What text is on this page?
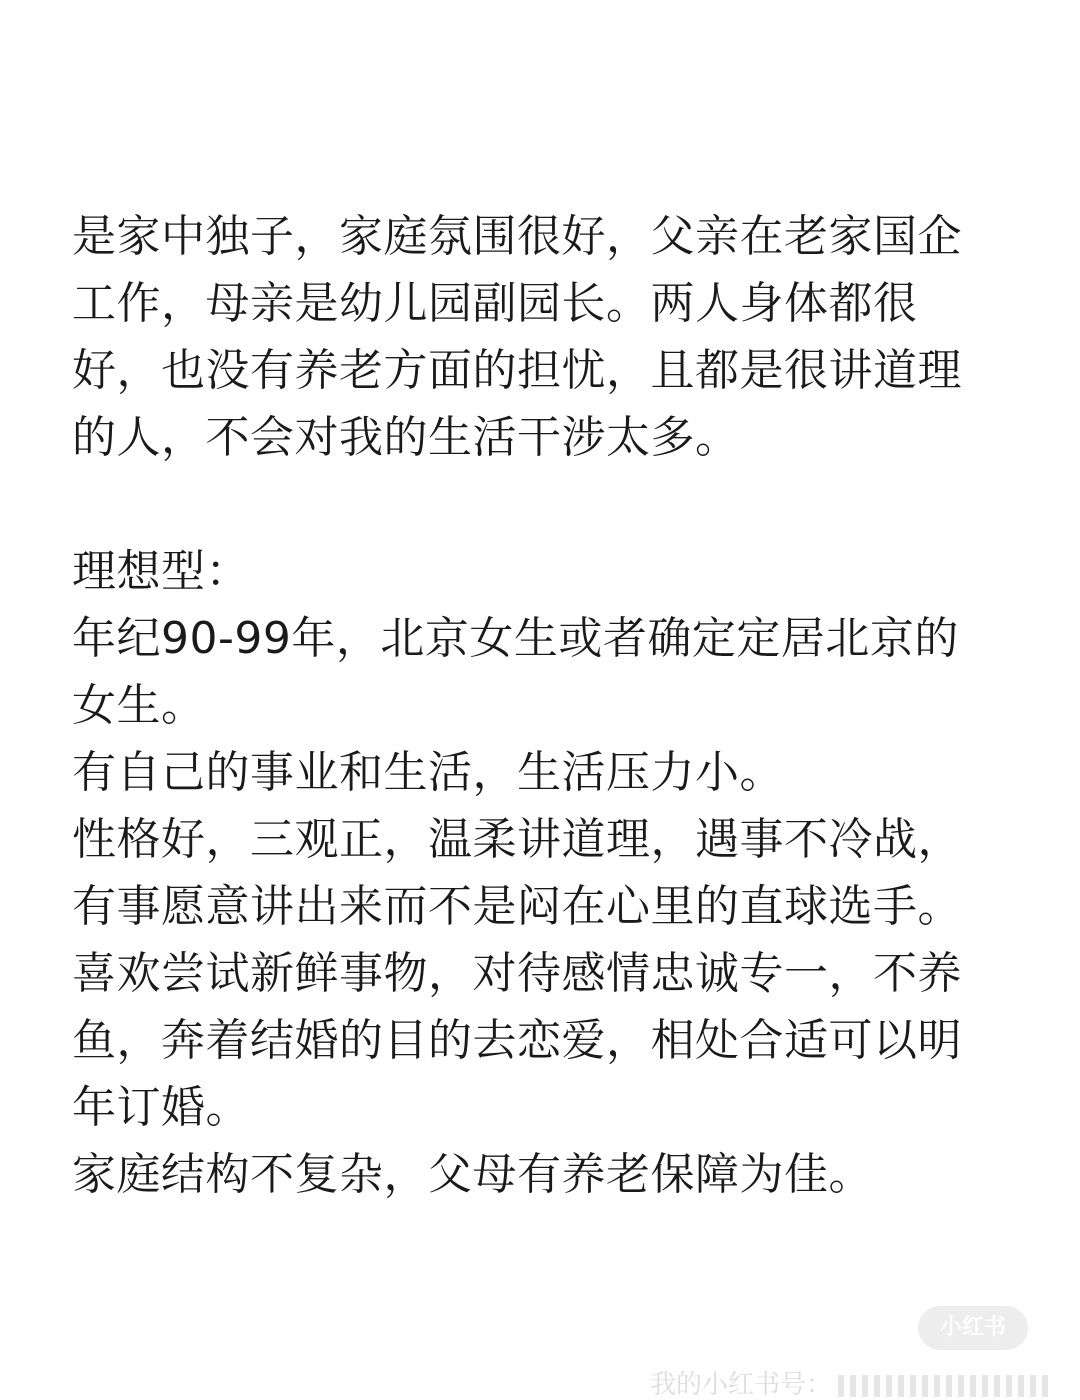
是家中独子，家庭氛围很好，父亲在老家国企
工作，母亲是幼儿园副园长。两人身体都很
好，也没有养老方面的担忧，且都是很讲道理
的人，不会对我的生活干涉太多。
理想型：
年纪90-99年，北京女生或者确定定居北京的
女生。
有自己的事业和生活，生活压力小。
性格好，三观正，温柔讲道理，遇事不冷战，
有事愿意讲出来而不是闷在心里的直球选手。
喜欢尝试新鲜事物，对待感情忠诚专一，不养
鱼，奔着结婚的目的去恋爱，相处合适可以明
年订婚。
家庭结构不复杂，父母有养老保障为佳。
小红书
我的小红书号：
